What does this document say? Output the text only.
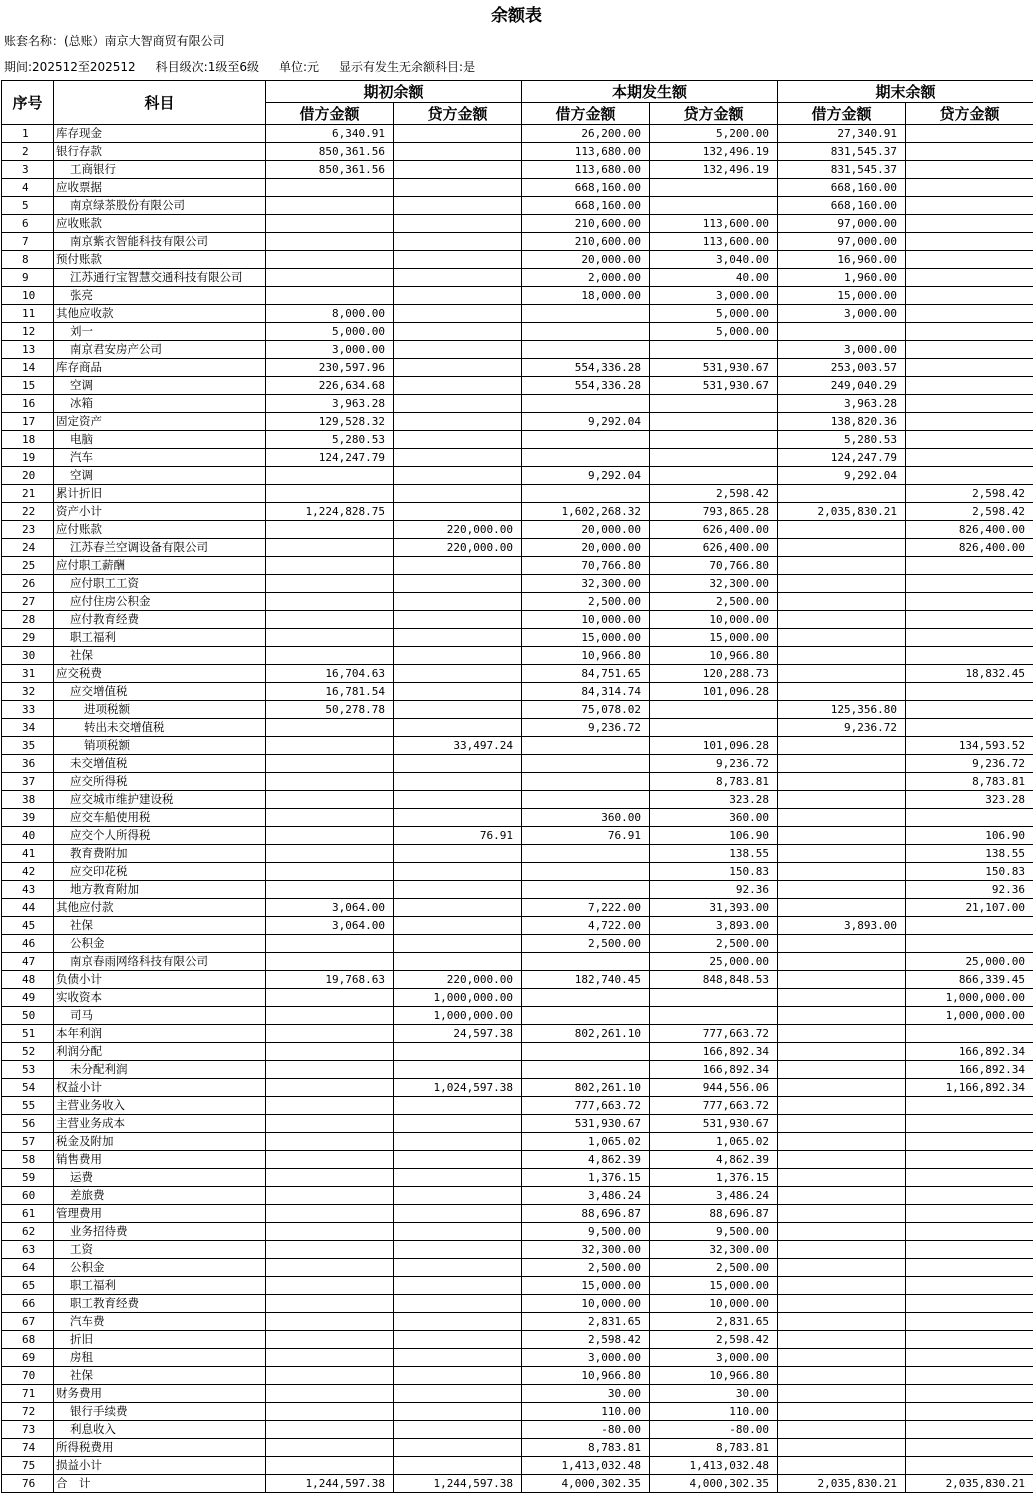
余额表
账套名称：(总账）南京大智商贸有限公司
期间:202512至202512 科目级次:1级至6级 单位:元 显示有发生无余额科目:是
序号	科目	期初余额		本期发生额		期末余额	
		借方金额	贷方金额	借方金额	贷方金额	借方金额	贷方金额
1	库存现金	6,340.91		26,200.00	5,200.00	27,340.91	
2	银行存款	850,361.56		113,680.00	132,496.19	831,545.37	
3	工商银行	850,361.56		113,680.00	132,496.19	831,545.37	
4	应收票据			668,160.00		668,160.00	
5	南京绿茶股份有限公司			668,160.00		668,160.00	
6	应收账款			210,600.00	113,600.00	97,000.00	
7	南京紫衣智能科技有限公司			210,600.00	113,600.00	97,000.00	
8	预付账款			20,000.00	3,040.00	16,960.00	
9	江苏通行宝智慧交通科技有限公司			2,000.00	40.00	1,960.00	
10	张亮			18,000.00	3,000.00	15,000.00	
11	其他应收款	8,000.00			5,000.00	3,000.00	
12	刘一	5,000.00			5,000.00		
13	南京君安房产公司	3,000.00				3,000.00	
14	库存商品	230,597.96		554,336.28	531,930.67	253,003.57	
15	空调	226,634.68		554,336.28	531,930.67	249,040.29	
16	冰箱	3,963.28				3,963.28	
17	固定资产	129,528.32		9,292.04		138,820.36	
18	电脑	5,280.53				5,280.53	
19	汽车	124,247.79				124,247.79	
20	空调			9,292.04		9,292.04	
21	累计折旧				2,598.42		2,598.42
22	资产小计	1,224,828.75		1,602,268.32	793,865.28	2,035,830.21	2,598.42
23	应付账款		220,000.00	20,000.00	626,400.00		826,400.00
24	江苏春兰空调设备有限公司		220,000.00	20,000.00	626,400.00		826,400.00
25	应付职工薪酬			70,766.80	70,766.80		
26	应付职工工资			32,300.00	32,300.00		
27	应付住房公积金			2,500.00	2,500.00		
28	应付教育经费			10,000.00	10,000.00		
29	职工福利			15,000.00	15,000.00		
30	社保			10,966.80	10,966.80		
31	应交税费	16,704.63		84,751.65	120,288.73		18,832.45
32	应交增值税	16,781.54		84,314.74	101,096.28		
33	进项税额	50,278.78		75,078.02		125,356.80	
34	转出未交增值税			9,236.72		9,236.72	
35	销项税额		33,497.24		101,096.28		134,593.52
36	未交增值税				9,236.72		9,236.72
37	应交所得税				8,783.81		8,783.81
38	应交城市维护建设税				323.28		323.28
39	应交车船使用税			360.00	360.00		
40	应交个人所得税		76.91	76.91	106.90		106.90
41	教育费附加				138.55		138.55
42	应交印花税				150.83		150.83
43	地方教育附加				92.36		92.36
44	其他应付款	3,064.00		7,222.00	31,393.00		21,107.00
45	社保	3,064.00		4,722.00	3,893.00	3,893.00	
46	公积金			2,500.00	2,500.00		
47	南京春雨网络科技有限公司				25,000.00		25,000.00
48	负债小计	19,768.63	220,000.00	182,740.45	848,848.53		866,339.45
49	实收资本		1,000,000.00				1,000,000.00
50	司马		1,000,000.00				1,000,000.00
51	本年利润		24,597.38	802,261.10	777,663.72		
52	利润分配				166,892.34		166,892.34
53	未分配利润				166,892.34		166,892.34
54	权益小计		1,024,597.38	802,261.10	944,556.06		1,166,892.34
55	主营业务收入			777,663.72	777,663.72		
56	主营业务成本			531,930.67	531,930.67		
57	税金及附加			1,065.02	1,065.02		
58	销售费用			4,862.39	4,862.39		
59	运费			1,376.15	1,376.15		
60	差旅费			3,486.24	3,486.24		
61	管理费用			88,696.87	88,696.87		
62	业务招待费			9,500.00	9,500.00		
63	工资			32,300.00	32,300.00		
64	公积金			2,500.00	2,500.00		
65	职工福利			15,000.00	15,000.00		
66	职工教育经费			10,000.00	10,000.00		
67	汽车费			2,831.65	2,831.65		
68	折旧			2,598.42	2,598.42		
69	房租			3,000.00	3,000.00		
70	社保			10,966.80	10,966.80		
71	财务费用			30.00	30.00		
72	银行手续费			110.00	110.00		
73	利息收入			-80.00	-80.00		
74	所得税费用			8,783.81	8,783.81		
75	损益小计			1,413,032.48	1,413,032.48		
76	合　计	1,244,597.38	1,244,597.38	4,000,302.35	4,000,302.35	2,035,830.21	2,035,830.21
